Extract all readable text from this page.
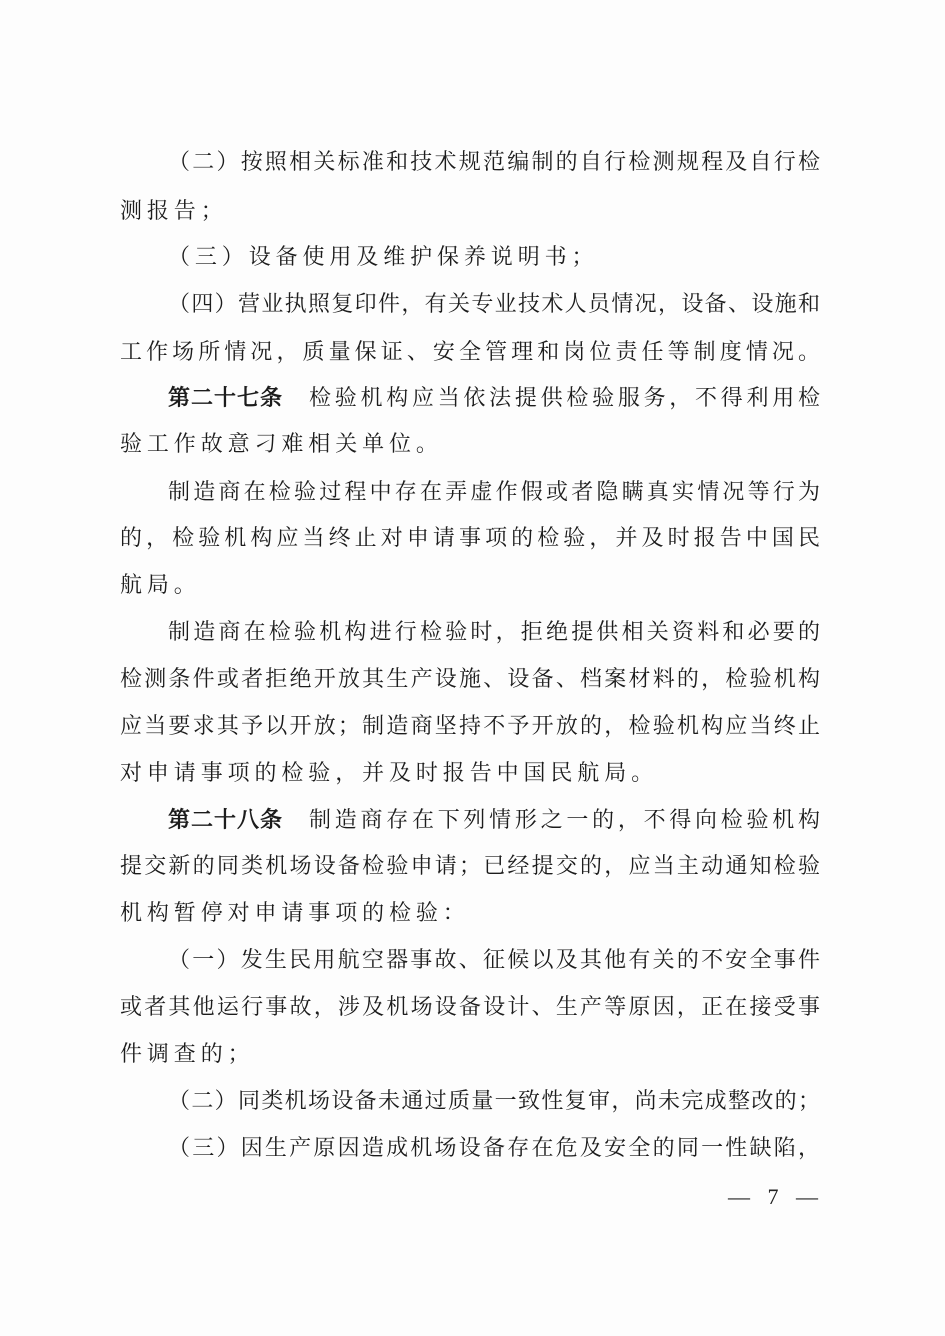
（二）按照相关标准和技术规范编制的自行检测规程及自行检
测报告；
（三）设备使用及维护保养说明书；
（四）营业执照复印件，有关专业技术人员情况，设备、设施和
工作场所情况，质量保证、安全管理和岗位责任等制度情况。
第二十七条 检验机构应当依法提供检验服务，不得利用检
验工作故意刁难相关单位。
制造商在检验过程中存在弄虚作假或者隐瞒真实情况等行为
的，检验机构应当终止对申请事项的检验，并及时报告中国民
航局。
制造商在检验机构进行检验时，拒绝提供相关资料和必要的
检测条件或者拒绝开放其生产设施、设备、档案材料的，检验机构
应当要求其予以开放；制造商坚持不予开放的，检验机构应当终止
对申请事项的检验，并及时报告中国民航局。
第二十八条 制造商存在下列情形之一的，不得向检验机构
提交新的同类机场设备检验申请；已经提交的，应当主动通知检验
机构暂停对申请事项的检验：
（一）发生民用航空器事故、征候以及其他有关的不安全事件
或者其他运行事故，涉及机场设备设计、生产等原因，正在接受事
件调查的；
（二）同类机场设备未通过质量一致性复审，尚未完成整改的；
（三）因生产原因造成机场设备存在危及安全的同一性缺陷，
— 7 —
